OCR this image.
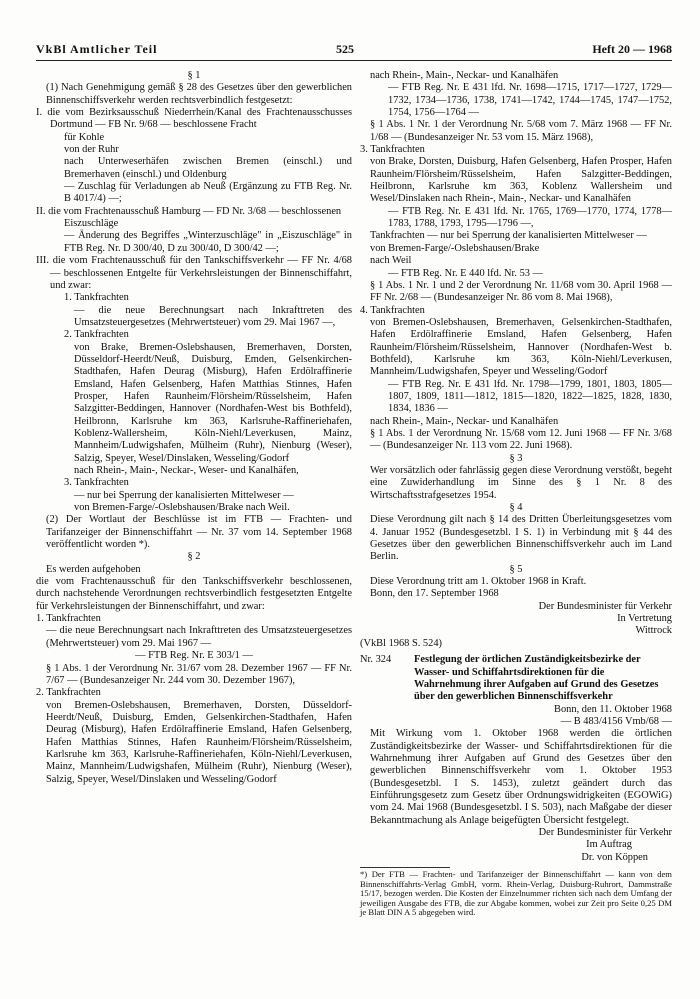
VkBl Amtlicher Teil	525	Heft 20 — 1968

§ 1

(1) Nach Genehmigung gemäß § 28 des Gesetzes über den gewerblichen Binnenschiffsverkehr werden rechtsverbindlich festgesetzt:

I. die vom Bezirksausschuß Niederrhein/Kanal des Frachtenausschusses Dortmund — FB Nr. 9/68 — beschlossene Fracht

für Kohle

von der Ruhr

nach Unterweserhäfen zwischen Bremen (einschl.) und Bremerhaven (einschl.) und Oldenburg

— Zuschlag für Verladungen ab Neuß (Ergänzung zu FTB Reg. Nr. B 4017/4) —;

II. die vom Frachtenausschuß Hamburg — FD Nr. 3/68 — beschlossenen

Eiszuschläge

— Änderung des Begriffes „Winterzuschläge" in „Eiszuschläge" in FTB Reg. Nr. D 300/40, D zu 300/40, D 300/42 —;

III. die vom Frachtenausschuß für den Tankschiffsverkehr — FF Nr. 4/68 — beschlossenen Entgelte für Verkehrsleistungen der Binnenschiffahrt, und zwar:

1. Tankfrachten

— die neue Berechnungsart nach Inkrafttreten des Umsatzsteuergesetzes (Mehrwertsteuer) vom 29. Mai 1967 —,

2. Tankfrachten

von Brake, Bremen-Oslebshausen, Bremerhaven, Dorsten, Düsseldorf-Heerdt/Neuß, Duisburg, Emden, Gelsenkirchen-Stadthafen, Hafen Deurag (Misburg), Hafen Erdölraffinerie Emsland, Hafen Gelsenberg, Hafen Matthias Stinnes, Hafen Prosper, Hafen Raunheim/Flörsheim/Rüsselsheim, Hafen Salzgitter-Beddingen, Hannover (Nordhafen-West bis Bothfeld), Heilbronn, Karlsruhe km 363, Karlsruhe-Raffineriehafen, Koblenz-Wallersheim, Köln-Niehl/Leverkusen, Mainz, Mannheim/Ludwigshafen, Mülheim (Ruhr), Nienburg (Weser), Salzig, Speyer, Wesel/Dinslaken, Wesseling/Godorf

nach Rhein-, Main-, Neckar-, Weser- und Kanalhäfen,

3. Tankfrachten

— nur bei Sperrung der kanalisierten Mittelweser —

von Bremen-Farge/-Oslebshausen/Brake nach Weil.

(2) Der Wortlaut der Beschlüsse ist im FTB — Frachten- und Tarifanzeiger der Binnenschiffahrt — Nr. 37 vom 14. September 1968 veröffentlicht worden *).

§ 2

Es werden aufgehoben

die vom Frachtenausschuß für den Tankschiffsverkehr beschlossenen, durch nachstehende Verordnungen rechtsverbindlich festgesetzten Entgelte für Verkehrsleistungen der Binnenschiffahrt, und zwar:

1. Tankfrachten

— die neue Berechnungsart nach Inkrafttreten des Umsatzsteuergesetzes (Mehrwertsteuer) vom 29. Mai 1967 —

— FTB Reg. Nr. E 303/1 —

§ 1 Abs. 1 der Verordnung Nr. 31/67 vom 28. Dezember 1967 — FF Nr. 7/67 — (Bundesanzeiger Nr. 244 vom 30. Dezember 1967),

2. Tankfrachten

von Bremen-Oslebshausen, Bremerhaven, Dorsten, Düsseldorf-Heerdt/Neuß, Duisburg, Emden, Gelsenkirchen-Stadthafen, Hafen Deurag (Misburg), Hafen Erdölraffinerie Emsland, Hafen Gelsenberg, Hafen Matthias Stinnes, Hafen Raunheim/Flörsheim/Rüsselsheim, Karlsruhe km 363, Karlsruhe-Raffineriehafen, Köln-Niehl/Leverkusen, Mainz, Mannheim/Ludwigshafen, Mülheim (Ruhr), Nienburg (Weser), Salzig, Speyer, Wesel/Dinslaken und Wesseling/Godorf

nach Rhein-, Main-, Neckar- und Kanalhäfen

— FTB Reg. Nr. E 431 lfd. Nr. 1698—1715, 1717—1727, 1729—1732, 1734—1736, 1738, 1741—1742, 1744—1745, 1747—1752, 1754, 1756—1764 —

§ 1 Abs. 1 Nr. 1 der Verordnung Nr. 5/68 vom 7. März 1968 — FF Nr. 1/68 — (Bundesanzeiger Nr. 53 vom 15. März 1968),

3. Tankfrachten

von Brake, Dorsten, Duisburg, Hafen Gelsenberg, Hafen Prosper, Hafen Raunheim/Flörsheim/Rüsselsheim, Hafen Salzgitter-Beddingen, Heilbronn, Karlsruhe km 363, Koblenz Wallersheim und Wesel/Dinslaken nach Rhein-, Main-, Neckar- und Kanalhäfen

— FTB Reg. Nr. E 431 lfd. Nr. 1765, 1769—1770, 1774, 1778—1783, 1788, 1793, 1795—1796 —,

Tankfrachten — nur bei Sperrung der kanalisierten Mittelweser —

von Bremen-Farge/-Oslebshausen/Brake

nach Weil

— FTB Reg. Nr. E 440 lfd. Nr. 53 —

§ 1 Abs. 1 Nr. 1 und 2 der Verordnung Nr. 11/68 vom 30. April 1968 — FF Nr. 2/68 — (Bundesanzeiger Nr. 86 vom 8. Mai 1968),

4. Tankfrachten

von Bremen-Oslebshausen, Bremerhaven, Gelsenkirchen-Stadthafen, Hafen Erdölraffinerie Emsland, Hafen Gelsenberg, Hafen Raunheim/Flörsheim/Rüsselsheim, Hannover (Nordhafen-West b. Bothfeld), Karlsruhe km 363, Köln-Niehl/Leverkusen, Mannheim/Ludwigshafen, Speyer und Wesseling/Godorf

— FTB Reg. Nr. E 431 lfd. Nr. 1798—1799, 1801, 1803, 1805—1807, 1809, 1811—1812, 1815—1820, 1822—1825, 1828, 1830, 1834, 1836 —

nach Rhein-, Main-, Neckar- und Kanalhäfen

§ 1 Abs. 1 der Verordnung Nr. 15/68 vom 12. Juni 1968 — FF Nr. 3/68 — (Bundesanzeiger Nr. 113 vom 22. Juni 1968).

§ 3

Wer vorsätzlich oder fahrlässig gegen diese Verordnung verstößt, begeht eine Zuwiderhandlung im Sinne des § 1 Nr. 8 des Wirtschaftsstrafgesetzes 1954.

§ 4

Diese Verordnung gilt nach § 14 des Dritten Überleitungsgesetzes vom 4. Januar 1952 (Bundesgesetzbl. I S. 1) in Verbindung mit § 44 des Gesetzes über den gewerblichen Binnenschiffsverkehr auch im Land Berlin.

§ 5

Diese Verordnung tritt am 1. Oktober 1968 in Kraft.

Bonn, den 17. September 1968

Der Bundesminister für Verkehr

In Vertretung

Wittrock

(VkBl 1968 S. 524)

Nr. 324	Festlegung der örtlichen Zuständigkeitsbezirke der Wasser- und Schiffahrtsdirektionen für die Wahrnehmung ihrer Aufgaben auf Grund des Gesetzes über den gewerblichen Binnenschiffsverkehr

Bonn, den 11. Oktober 1968

— B 483/4156 Vmb/68 —

Mit Wirkung vom 1. Oktober 1968 werden die örtlichen Zuständigkeitsbezirke der Wasser- und Schiffahrtsdirektionen für die Wahrnehmung ihrer Aufgaben auf Grund des Gesetzes über den gewerblichen Binnenschiffsverkehr vom 1. Oktober 1953 (Bundesgesetzbl. I S. 1453), zuletzt geändert durch das Einführungsgesetz zum Gesetz über Ordnungswidrigkeiten (EGOWiG) vom 24. Mai 1968 (Bundesgesetzbl. I S. 503), nach Maßgabe der dieser Bekanntmachung als Anlage beigefügten Übersicht festgelegt.

Der Bundesminister für Verkehr

Im Auftrag

Dr. von Köppen

*) Der FTB — Frachten- und Tarifanzeiger der Binnenschiffahrt — kann von dem Binnenschiffahrts-Verlag GmbH, vorm. Rhein-Verlag, Duisburg-Ruhrort, Dammstraße 15/17, bezogen werden. Die Kosten der Einzelnummer richten sich nach dem Umfang der jeweiligen Ausgabe des FTB, die zur Abgabe kommen, wobei zur Zeit pro Seite 0,25 DM je Blatt DIN A 5 abgegeben wird.
